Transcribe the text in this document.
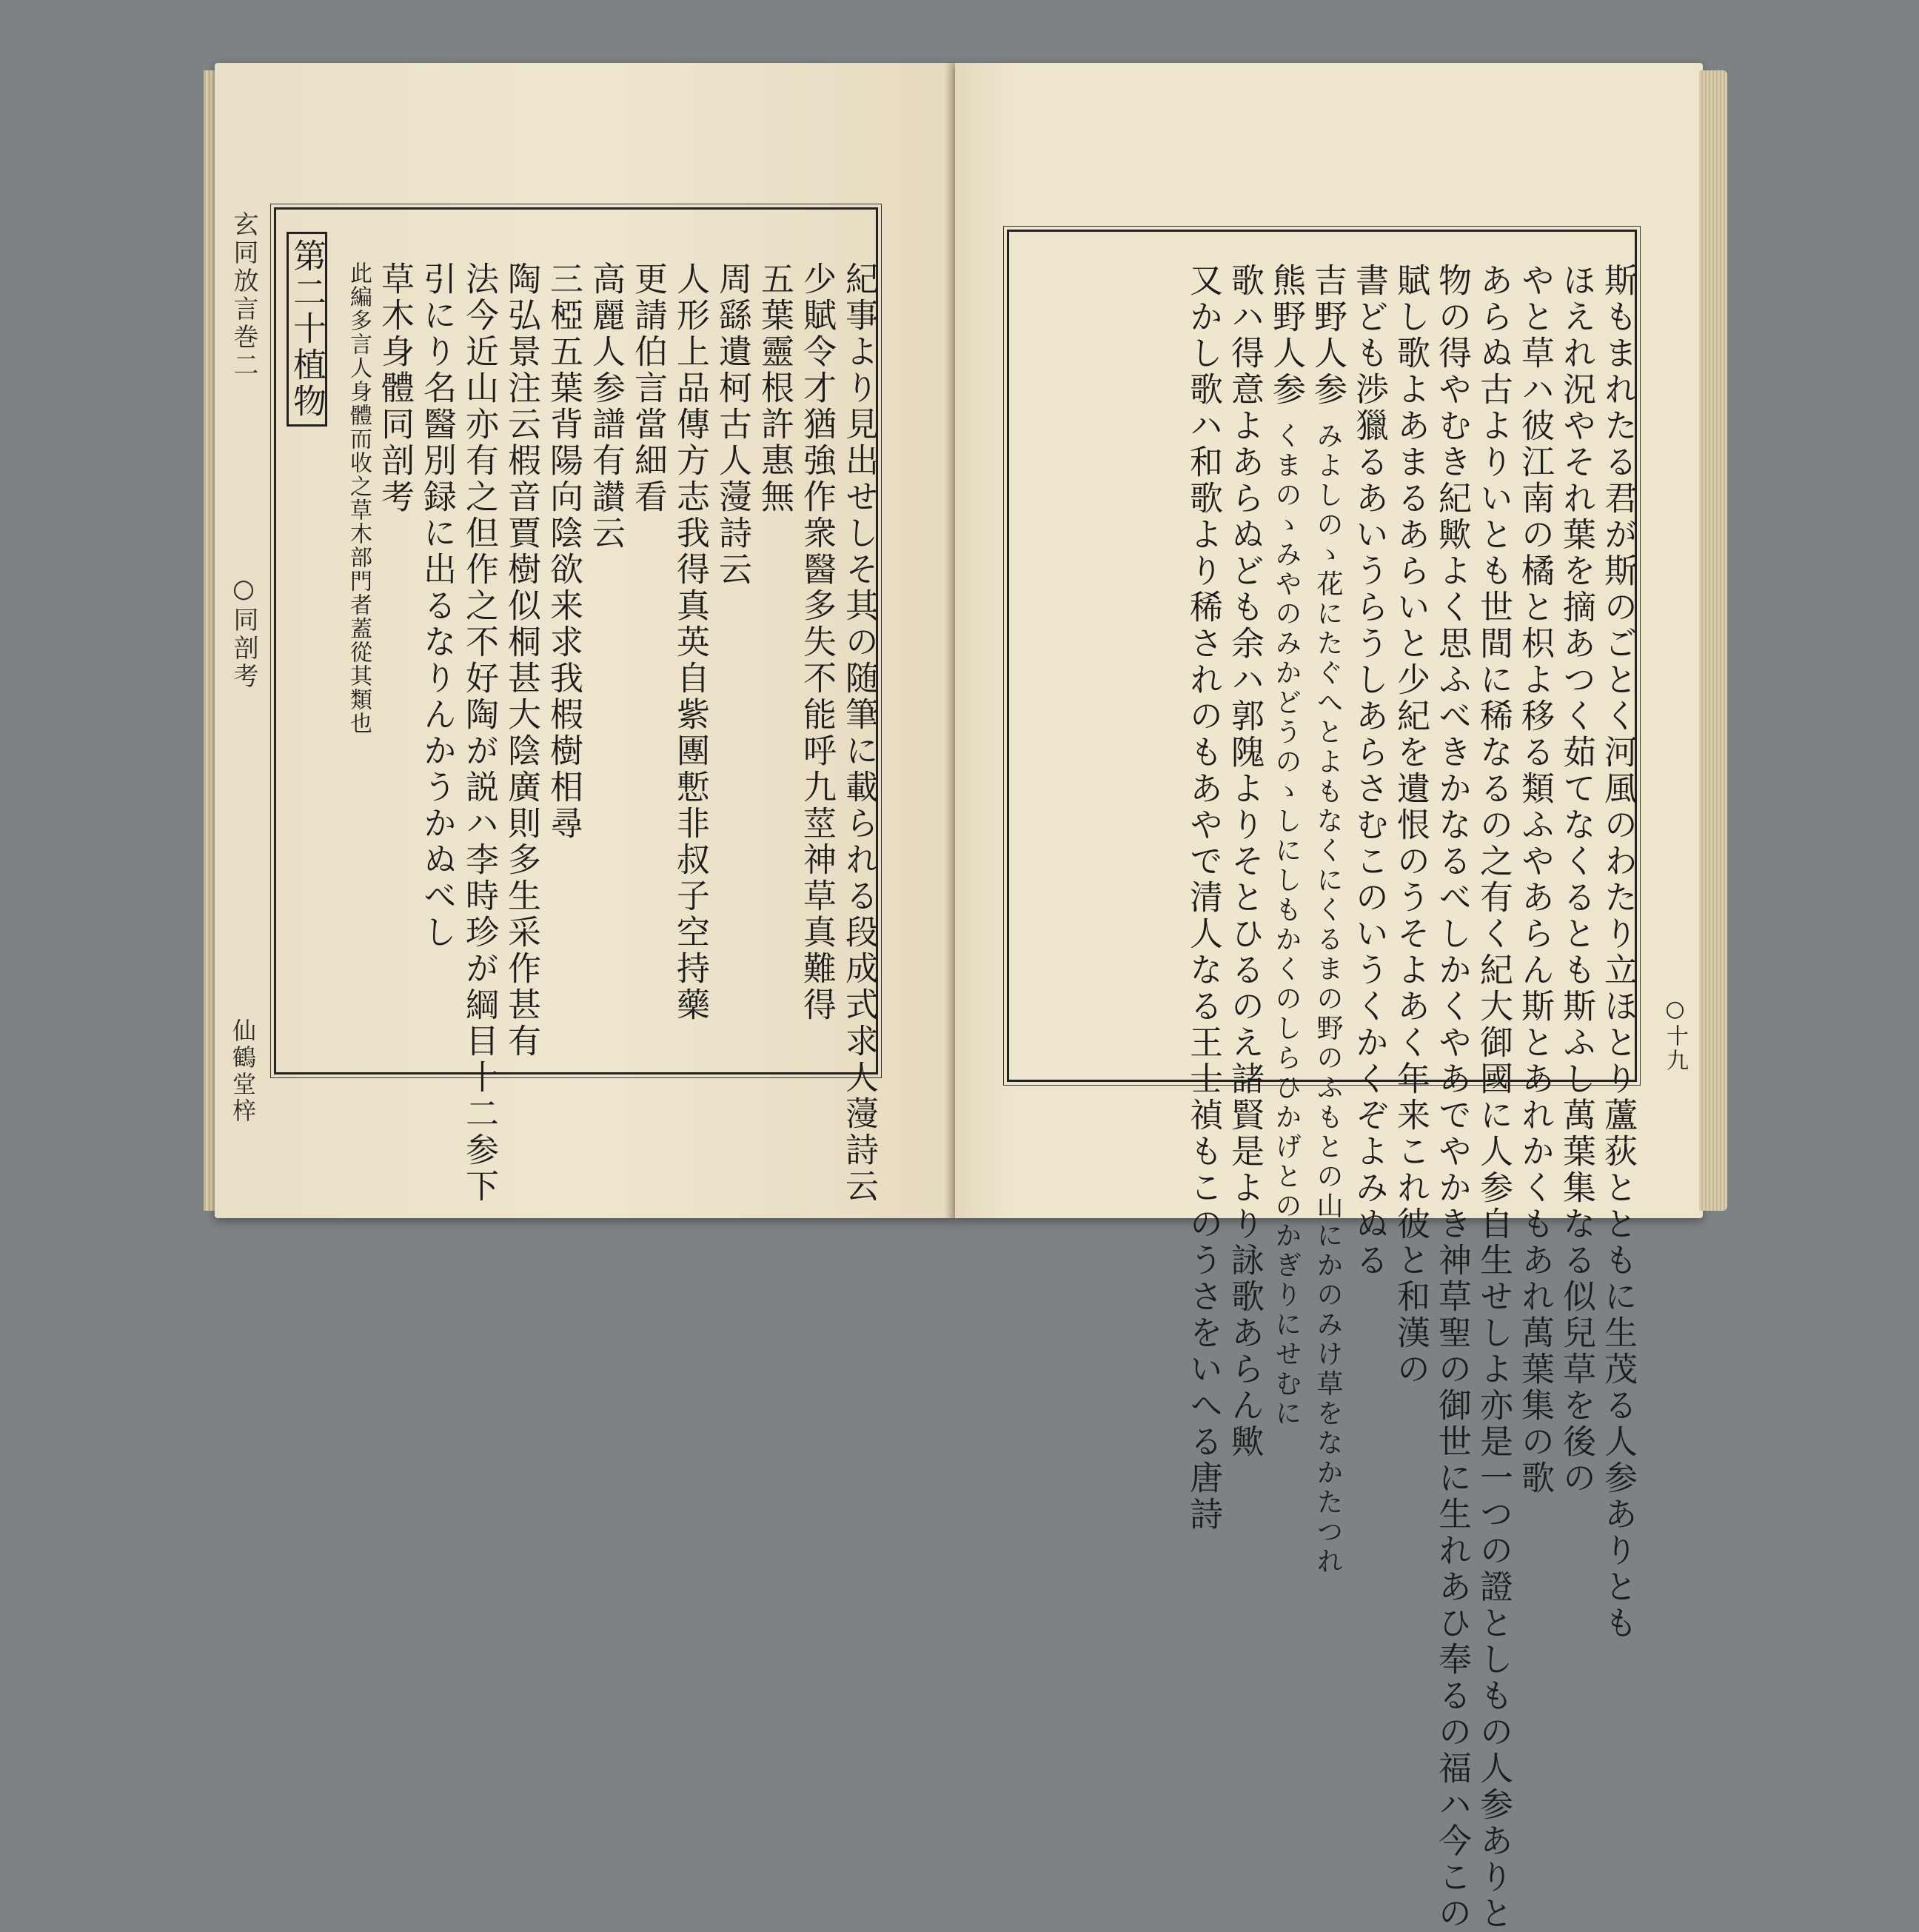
玄同放言巻二
○同剖考
仙鶴堂梓	紀事より見出せしそ其の随筆に載られる段成式求人薓詩云
少賦令才猶強作衆醫多失不能呼九莖神草真難得
五葉靈根許惠無
周繇遺柯古人薓詩云
人形上品傳方志我得真英自紫團慙非叔子空持藥
更請伯言當細看
高麗人参譜有讃云
三椏五葉背陽向陰欲来求我椵樹相尋
陶弘景注云椵音賈樹似桐甚大陰廣則多生采作甚有
法今近山亦有之但作之不好陶が説ハ李時珍が綱目十二参下
引にり名醫別録に出るなりんかうかぬべし
草木身體同剖考
此編多言人身體而收之草木部門者蓋從其類也
第二十植物
○十九
斯もまれたる君が斯のごとく河風のわたり立ほとり蘆荻とともに生茂る人参ありとも
ほえれ況やそれ葉を摘あつく茹てなくるとも斯ふし萬葉集なる似兒草を後の
やと草ハ彼江南の橘と枳よ移る類ふやあらん斯とあれかくもあれ萬葉集の歌
あらぬ古よりいとも世間に稀なるの之有く紀大御國に人参自生せしよ亦是一つの證としもの人参ありと
物の得やむき紀歟よく思ふべきかなるべしかくやあでやかき神草聖の御世に生れあひ奉るの福ハ今この
賦し歌よあまるあらいと少紀を遺恨のうそよあく年来これ彼と和漢の
書ども渉獵るあいうらうしあらさむこのいうくかくぞよみぬる
吉野人参 みよしのゝ花にたぐへとよもなくにくるまの野のふもとの山にかのみけ草をなかたつれ
熊野人参 くまのゝみやのみかどうのゝしにしもかくのしらひかげとのかぎりにせむに
歌ハ得意よあらぬども余ハ郭隗よりそとひるのえ諸賢是より詠歌あらん歟
又かし歌ハ和歌より稀されのもあやで清人なる王士禎もこのうさをいへる唐詩
